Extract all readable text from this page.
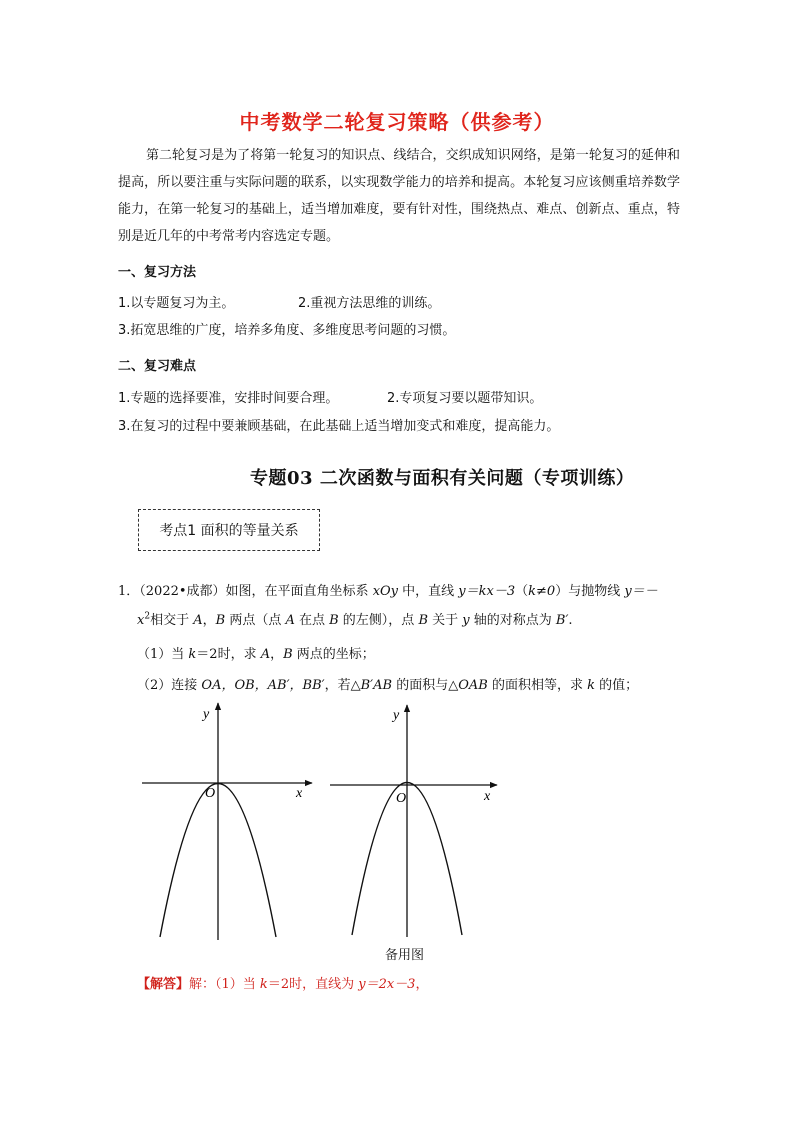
中考数学二轮复习策略（供参考）
第二轮复习是为了将第一轮复习的知识点、线结合，交织成知识网络，是第一轮复习的延伸和提高，所以要注重与实际问题的联系，以实现数学能力的培养和提高。本轮复习应该侧重培养数学能力，在第一轮复习的基础上，适当增加难度，要有针对性，围绕热点、难点、创新点、重点，特别是近几年的中考常考内容选定专题。
一、复习方法
1.以专题复习为主。	2.重视方法思维的训练。
3.拓宽思维的广度，培养多角度、多维度思考问题的习惯。
二、复习难点
1.专题的选择要准，安排时间要合理。	2.专项复习要以题带知识。
3.在复习的过程中要兼顾基础，在此基础上适当增加变式和难度，提高能力。
专题03 二次函数与面积有关问题（专项训练）
考点1 面积的等量关系
1．（2022•成都）如图，在平面直角坐标系 xOy 中，直线 y＝kx－3（k≠0）与抛物线 y＝－
$x^2$相交于 A，B 两点（点 A 在点 B 的左侧），点 B 关于 y 轴的对称点为 B′.
（1）当 k＝2时，求 A，B 两点的坐标；
（2）连接 OA，OB，AB′，BB′，若△B′AB 的面积与△OAB 的面积相等，求 k 的值；
y
x
O
y
x
O
备用图
【解答】解：（1）当 k＝2时，直线为 y＝2x－3，
